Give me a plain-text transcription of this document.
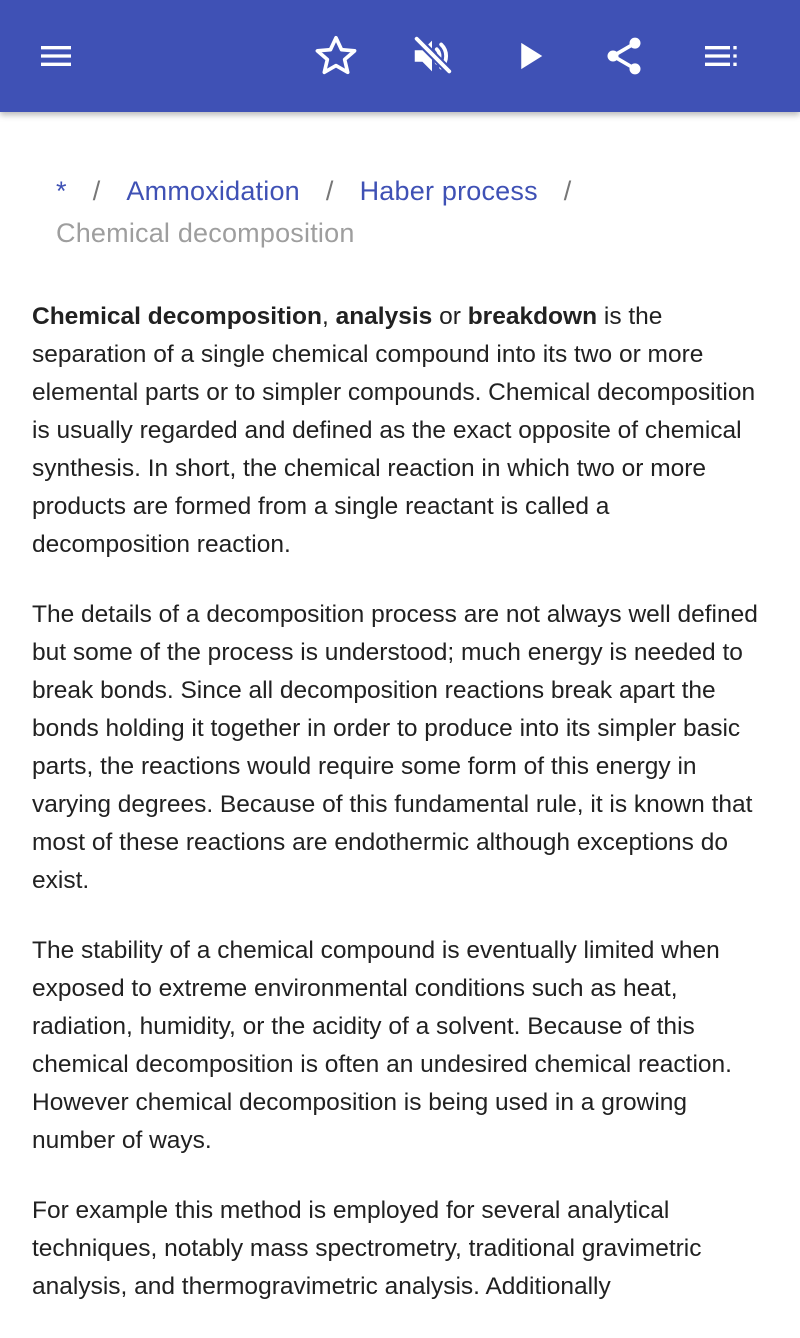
* / Ammoxidation / Haber process /
Chemical decomposition

Chemical decomposition, analysis or breakdown is the separation of a single chemical compound into its two or more elemental parts or to simpler compounds. Chemical decomposition is usually regarded and defined as the exact opposite of chemical synthesis. In short, the chemical reaction in which two or more products are formed from a single reactant is called a decomposition reaction.

The details of a decomposition process are not always well defined but some of the process is understood; much energy is needed to break bonds. Since all decomposition reactions break apart the bonds holding it together in order to produce into its simpler basic parts, the reactions would require some form of this energy in varying degrees. Because of this fundamental rule, it is known that most of these reactions are endothermic although exceptions do exist.

The stability of a chemical compound is eventually limited when exposed to extreme environmental conditions such as heat, radiation, humidity, or the acidity of a solvent. Because of this chemical decomposition is often an undesired chemical reaction. However chemical decomposition is being used in a growing number of ways.

For example this method is employed for several analytical techniques, notably mass spectrometry, traditional gravimetric analysis, and thermogravimetric analysis. Additionally
